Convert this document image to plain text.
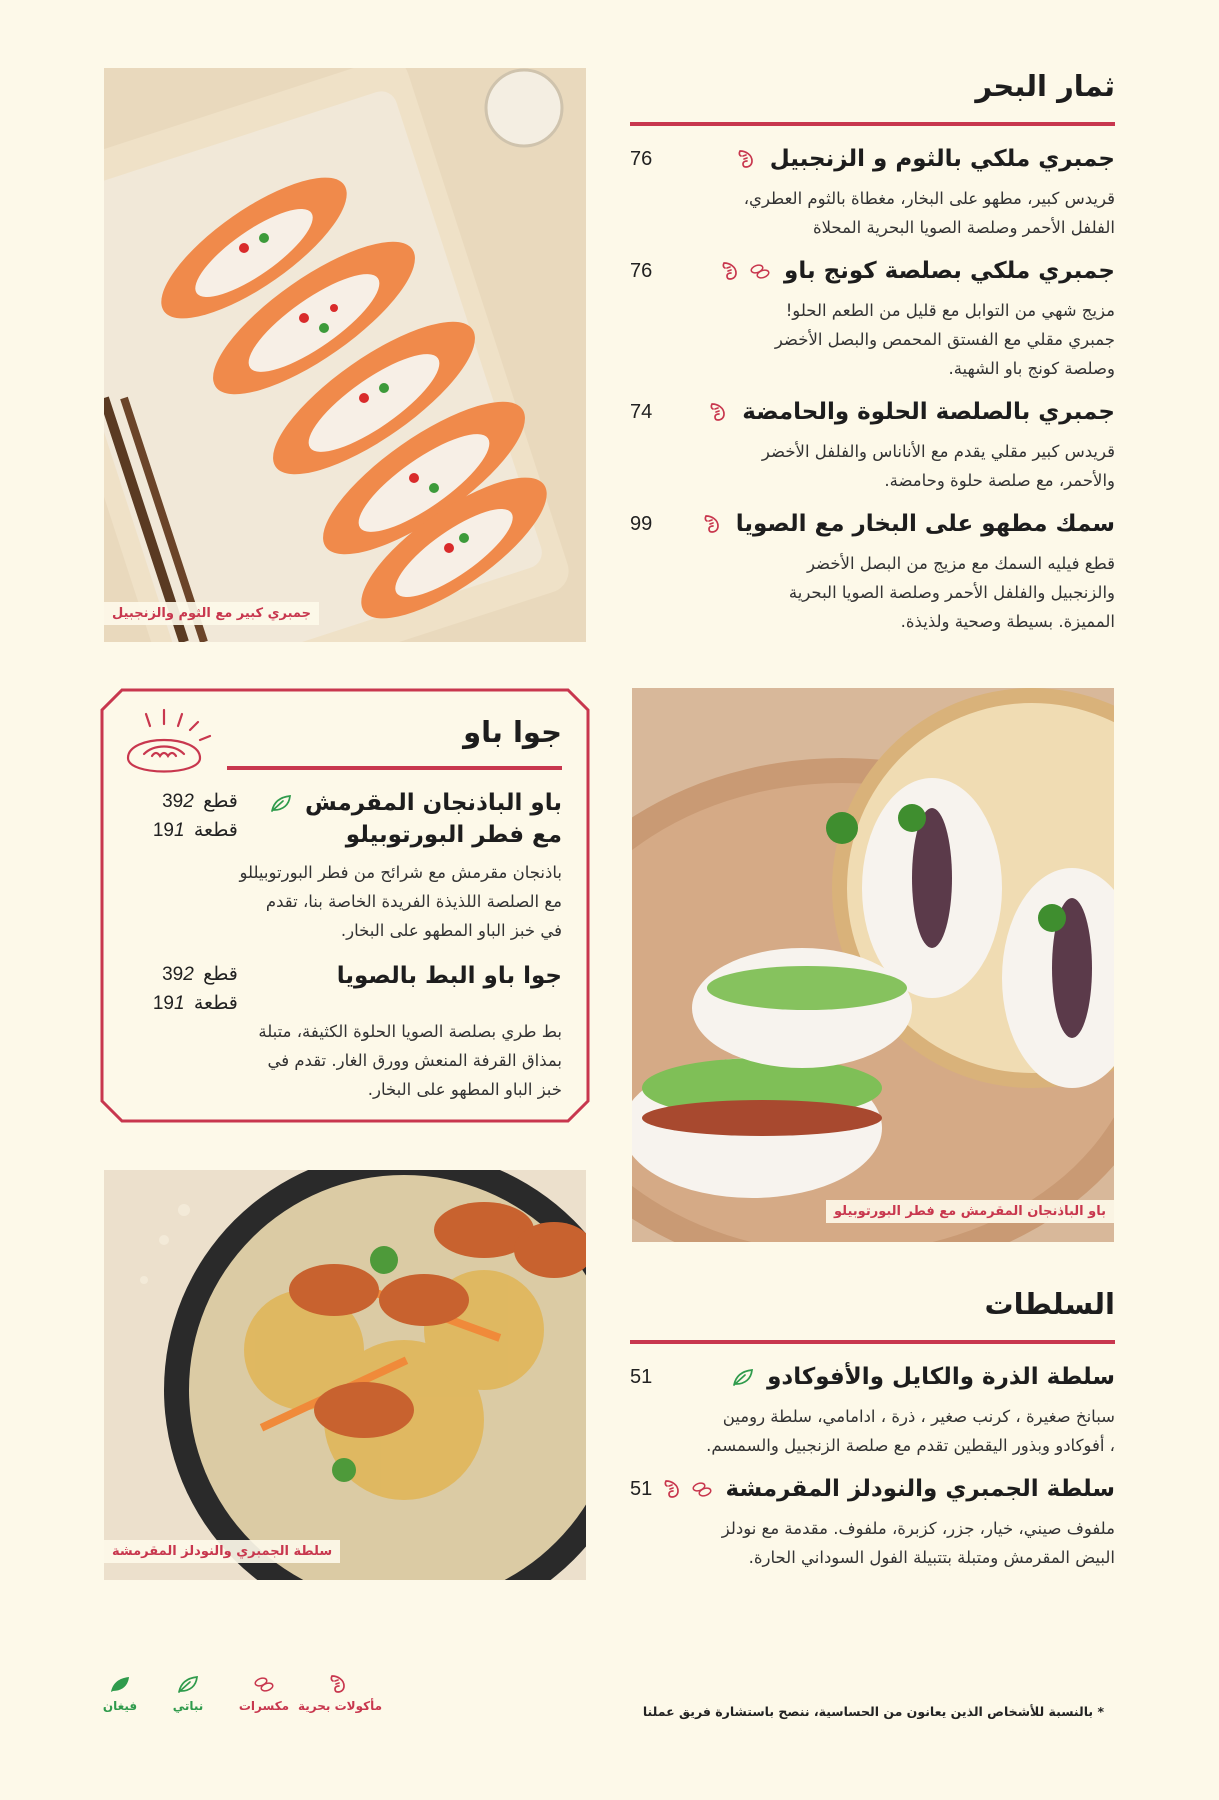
جمبري كبير مع الثوم والزنجبيل
ثمار البحر
جمبري ملكي بالثوم و الزنجبيل
76
قريدس كبير، مطهو على البخار، مغطاة بالثوم العطري،
الفلفل الأحمر وصلصة الصويا البحرية المحلاة
جمبري ملكي بصلصة كونج باو
76
مزيج شهي من التوابل مع قليل من الطعم الحلو!
جمبري مقلي مع الفستق المحمص والبصل الأخضر
وصلصة كونج باو الشهية.
جمبري بالصلصة الحلوة والحامضة
74
قريدس كبير مقلي يقدم مع الأناناس والفلفل الأخضر
والأحمر، مع صلصة حلوة وحامضة.
سمك مطهو على البخار مع الصويا
99
قطع فيليه السمك مع مزيج من البصل الأخضر
والزنجبيل والفلفل الأحمر وصلصة الصويا البحرية
المميزة. بسيطة وصحية ولذيذة.
جوا باو
باو الباذنجان المقرمش
مع فطر البورتوبيلو
39 قطع 2
19 قطعة 1
باذنجان مقرمش مع شرائح من فطر البورتوبيللو
مع الصلصة اللذيذة الفريدة الخاصة بنا، تقدم
في خبز الباو المطهو على البخار.
جوا باو البط بالصويا
39 قطع 2
19 قطعة 1
بط طري بصلصة الصويا الحلوة الكثيفة، متبلة
بمذاق القرفة المنعش وورق الغار. تقدم في
خبز الباو المطهو على البخار.
باو الباذنجان المقرمش مع فطر البورتوبيلو
سلطة الجمبري والنودلز المقرمشة
السلطات
سلطة الذرة والكايل والأفوكادو
51
سبانخ صغيرة ، كرنب صغير ، ذرة ، ادامامي، سلطة رومين
، أفوكادو وبذور اليقطين تقدم مع صلصة الزنجبيل والسمسم.
سلطة الجمبري والنودلز المقرمشة
51
ملفوف صيني، خيار، جزر، كزبرة، ملفوف. مقدمة مع نودلز
البيض المقرمش ومتبلة بتتبيلة الفول السوداني الحارة.
فيغان	نباتي	مكسرات مأكولات بحرية	* بالنسبة للأشخاص الذين يعانون من الحساسية، ننصح باستشارة فريق عملنا
